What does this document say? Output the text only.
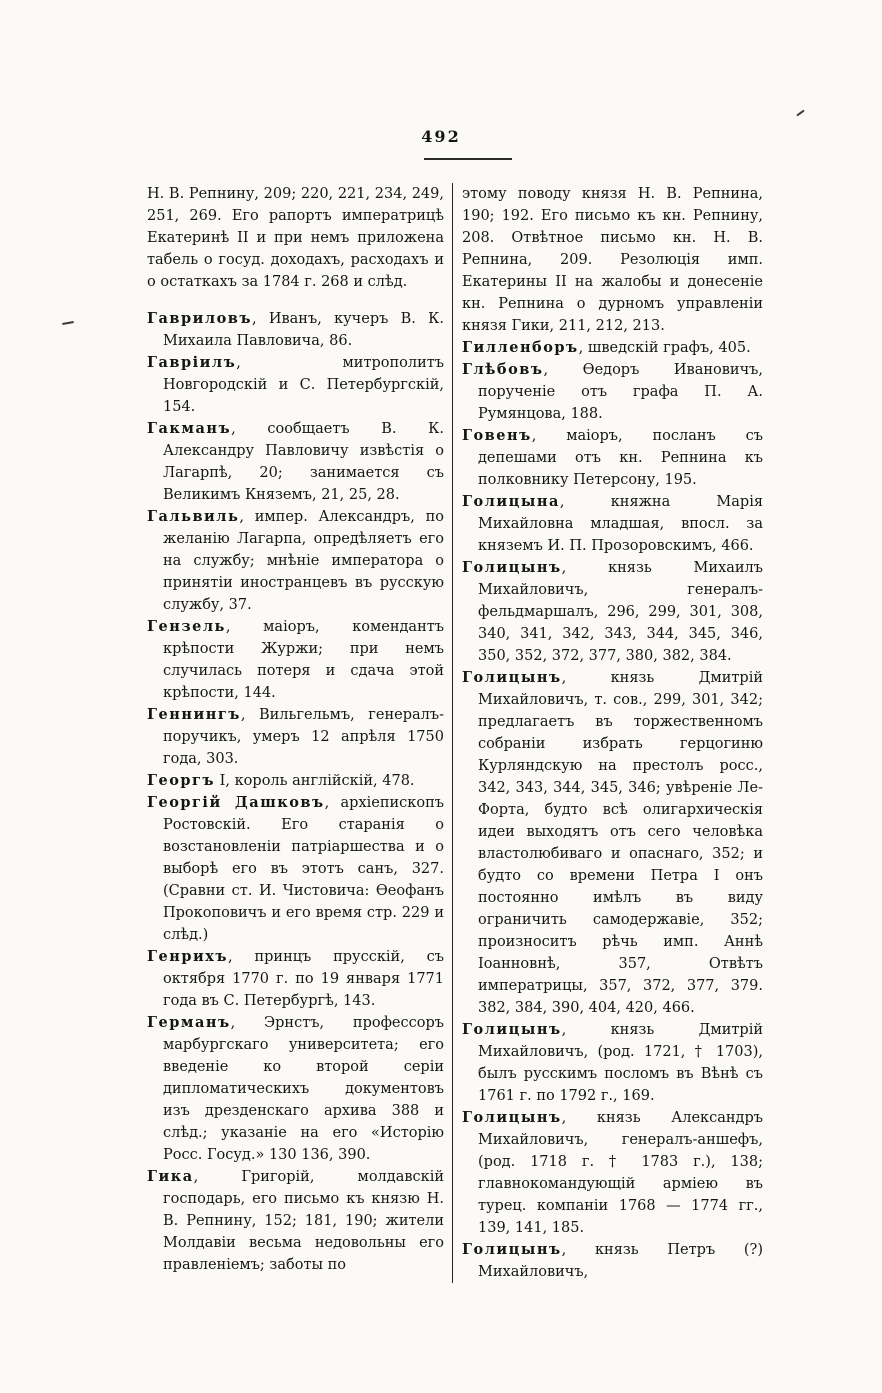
492

Н. В. Репнину, 209; 220, 221, 234, 249, 251, 269. Его рапортъ императрицѣ Екатеринѣ II и при немъ приложена табель о госуд. доходахъ, расходахъ и о остаткахъ за 1784 г. 268 и слѣд.

Гавриловъ, Иванъ, кучеръ В. К. Михаила Павловича, 86.

Гавріилъ, митрополитъ Новгородскій и С. Петербургскій, 154.

Гакманъ, сообщаетъ В. К. Александру Павловичу извѣстія о Лагарпѣ, 20; занимается съ Великимъ Княземъ, 21, 25, 28.

Гальвиль, импер. Александръ, по желанію Лагарпа, опредѣляетъ его на службу; мнѣніе императора о принятіи иностранцевъ въ русскую службу, 37.

Гензель, маіоръ, комендантъ крѣпости Журжи; при немъ случилась потеря и сдача этой крѣпости, 144.

Геннингъ, Вильгельмъ, генералъ-поручикъ, умеръ 12 апрѣля 1750 года, 303.

Георгъ I, король англійскій, 478.

Георгій Дашковъ, архіепископъ Ростовскій. Его старанія о возстановленіи патріаршества и о выборѣ его въ этотъ санъ, 327. (Сравни ст. И. Чистовича: Ѳеофанъ Прокоповичъ и его время стр. 229 и слѣд.)

Генрихъ, принцъ прусскій, съ октября 1770 г. по 19 января 1771 года въ С. Петербургѣ, 143.

Германъ, Эрнстъ, профессоръ марбургскаго университета; его введеніе ко второй серіи дипломатическихъ документовъ изъ дрезденскаго архива 388 и слѣд.; указаніе на его «Исторію Росс. Госуд.» 130 136, 390.

Гика, Григорій, молдавскій господарь, его письмо къ князю Н. В. Репнину, 152; 181, 190; жители Молдавіи весьма недовольны его правленіемъ; заботы по

этому поводу князя Н. В. Репнина, 190; 192. Его письмо къ кн. Репнину, 208. Отвѣтное письмо кн. Н. В. Репнина, 209. Резолюція имп. Екатерины II на жалобы и донесеніе кн. Репнина о дурномъ управленіи князя Гики, 211, 212, 213.

Гилленборъ, шведскій графъ, 405.

Глѣбовъ, Ѳедоръ Ивановичъ, порученіе отъ графа П. А. Румянцова, 188.

Говенъ, маіоръ, посланъ съ депешами отъ кн. Репнина къ полковнику Петерсону, 195.

Голицына, княжна Марія Михайловна младшая, впосл. за княземъ И. П. Прозоровскимъ, 466.

Голицынъ, князь Михаилъ Михайловичъ, генералъ-фельдмаршалъ, 296, 299, 301, 308, 340, 341, 342, 343, 344, 345, 346, 350, 352, 372, 377, 380, 382, 384.

Голицынъ, князь Дмитрій Михайловичъ, т. сов., 299, 301, 342; предлагаетъ въ торжественномъ собраніи избрать герцогиню Курляндскую на престолъ росс., 342, 343, 344, 345, 346; увѣреніе Ле-Форта, будто всѣ олигархическія идеи выходятъ отъ сего человѣка властолюбиваго и опаснаго, 352; и будто со времени Петра I онъ постоянно имѣлъ въ виду ограничить самодержавіе, 352; произноситъ рѣчь имп. Аннѣ Іоанновнѣ, 357, Отвѣтъ императрицы, 357, 372, 377, 379. 382, 384, 390, 404, 420, 466.

Голицынъ, князь Дмитрій Михайловичъ, (род. 1721, † 1703), былъ русскимъ посломъ въ Вѣнѣ съ 1761 г. по 1792 г., 169.

Голицынъ, князь Александръ Михайловичъ, генералъ-аншефъ, (род. 1718 г. † 1783 г.), 138; главнокомандующій арміею въ турец. компаніи 1768 — 1774 гг., 139, 141, 185.

Голицынъ, князь Петръ (?) Михайловичъ,
